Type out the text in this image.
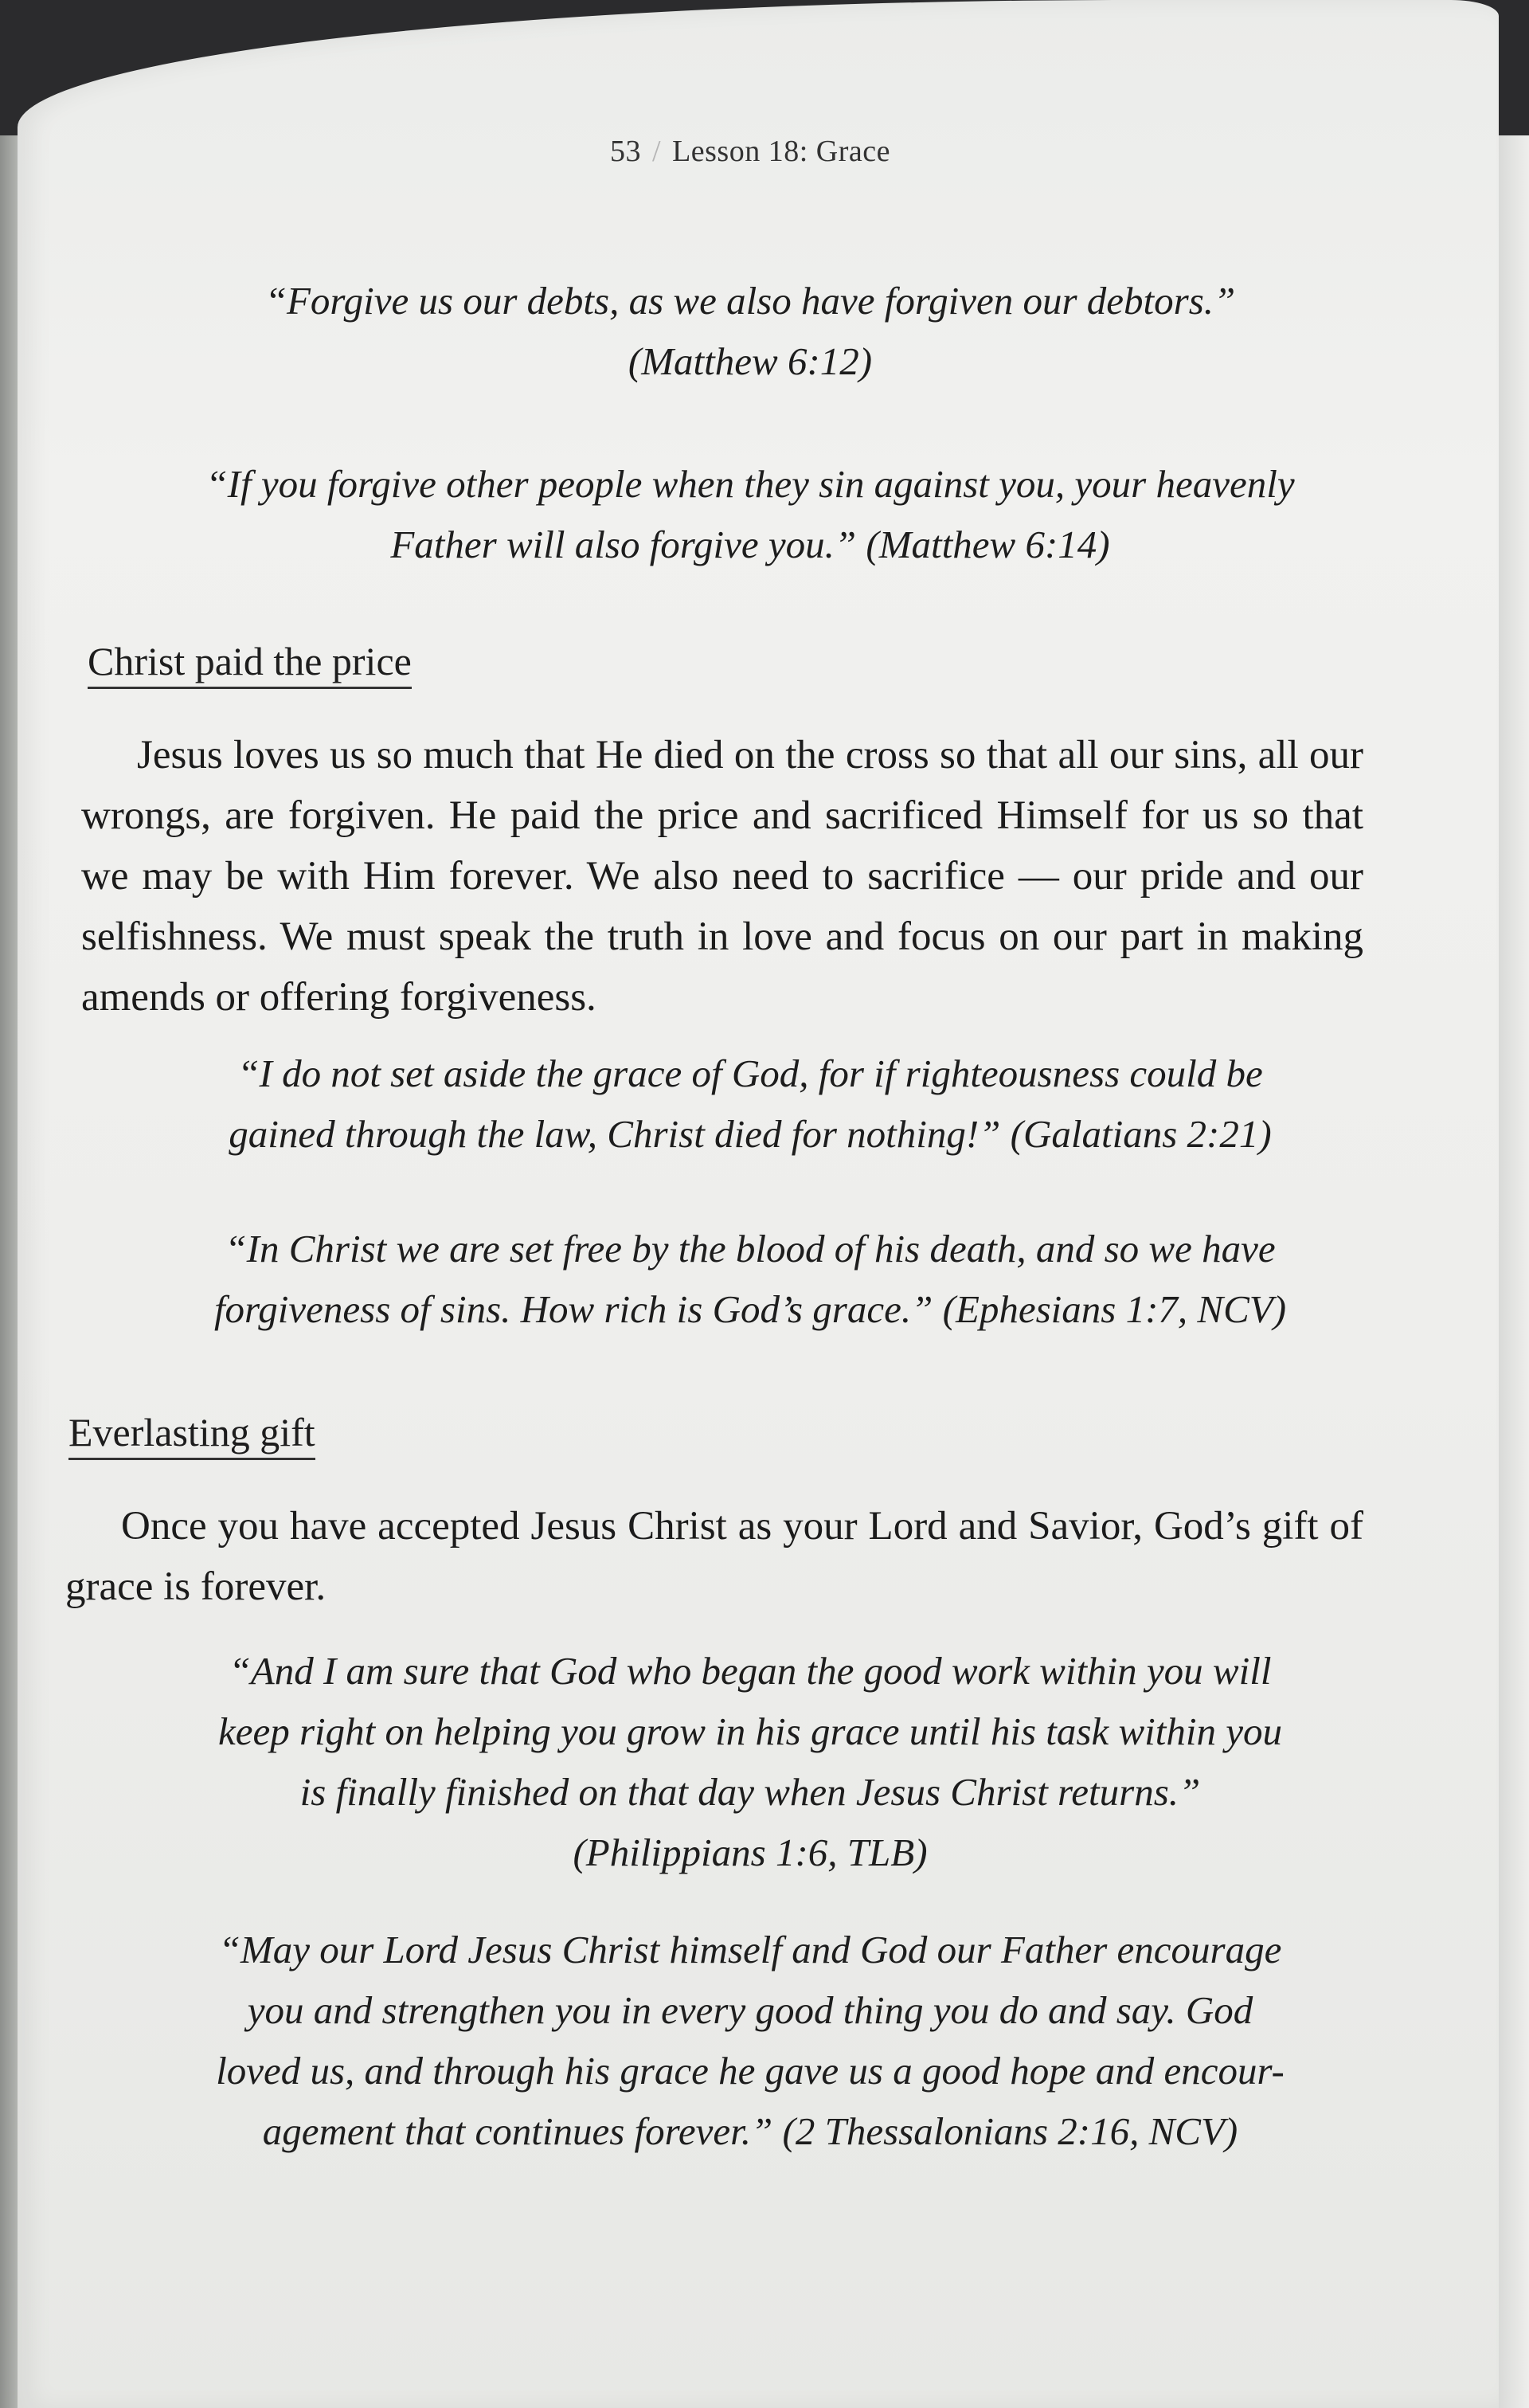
53 / Lesson 18: Grace
“Forgive us our debts, as we also have forgiven our debtors.”
(Matthew 6:12)
“If you forgive other people when they sin against you, your heavenly
Father will also forgive you.” (Matthew 6:14)
Christ paid the price

Jesus loves us so much that He died on the cross so that all our sins, all our wrongs, are forgiven. He paid the price and sacrificed Himself for us so that we may be with Him forever. We also need to sacrifice — our pride and our selfishness. We must speak the truth in love and focus on our part in making amends or offering forgiveness.

“I do not set aside the grace of God, for if righteousness could be
gained through the law, Christ died for nothing!” (Galatians 2:21)
“In Christ we are set free by the blood of his death, and so we have
forgiveness of sins. How rich is God’s grace.” (Ephesians 1:7, NCV)
Everlasting gift

Once you have accepted Jesus Christ as your Lord and Savior, God’s gift of grace is forever.

“And I am sure that God who began the good work within you will
keep right on helping you grow in his grace until his task within you
is finally finished on that day when Jesus Christ returns.”
(Philippians 1:6, TLB)
“May our Lord Jesus Christ himself and God our Father encourage
you and strengthen you in every good thing you do and say. God
loved us, and through his grace he gave us a good hope and encour-
agement that continues forever.” (2 Thessalonians 2:16, NCV)
